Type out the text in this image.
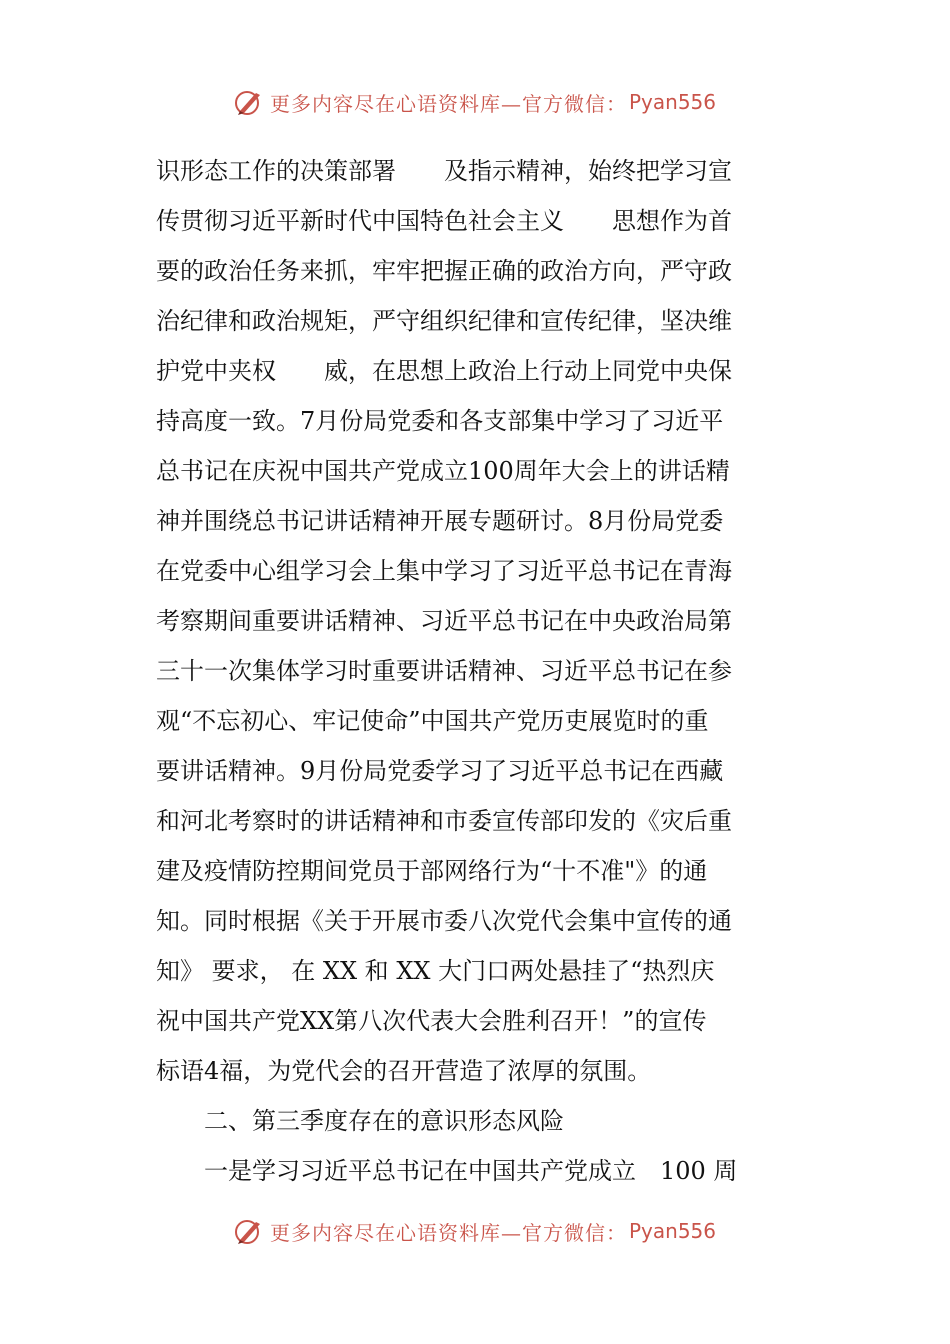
更多内容尽在心语资料库—官方微信： Pyan556
识形态工作的决策部署　　及指示精神，始终把学习宣
传贯彻习近平新时代中国特色社会主义　　思想作为首
要的政治任务来抓，牢牢把握正确的政治方向，严守政
治纪律和政治规矩，严守组织纪律和宣传纪律，坚决维
护党中夹权　　威，在思想上政治上行动上同党中央保
持高度一致。7月份局党委和各支部集中学习了习近平
总书记在庆祝中国共产党成立100周年大会上的讲话精
神并围绕总书记讲话精神开展专题研讨。8月份局党委
在党委中心组学习会上集中学习了习近平总书记在青海
考察期间重要讲话精神、习近平总书记在中央政治局第
三十一次集体学习时重要讲话精神、习近平总书记在参
观“不忘初心、牢记使命”中国共产党历吏展览时的重
要讲话精神。9月份局党委学习了习近平总书记在西藏
和河北考察时的讲话精神和市委宣传部印发的《灾后重
建及疫情防控期间党员于部网络行为“十不准"》的通
知。同时根据《关于开展市委八次党代会集中宣传的通
知》 要求， 在 XX 和 XX 大门口两处悬挂了“热烈庆
祝中国共产党XX第八次代表大会胜利召开！”的宣传
标语4福，为党代会的召开营造了浓厚的氛围。
二、第三季度存在的意识形态风险
一是学习习近平总书记在中国共产党成立　100 周
更多内容尽在心语资料库—官方微信： Pyan556
